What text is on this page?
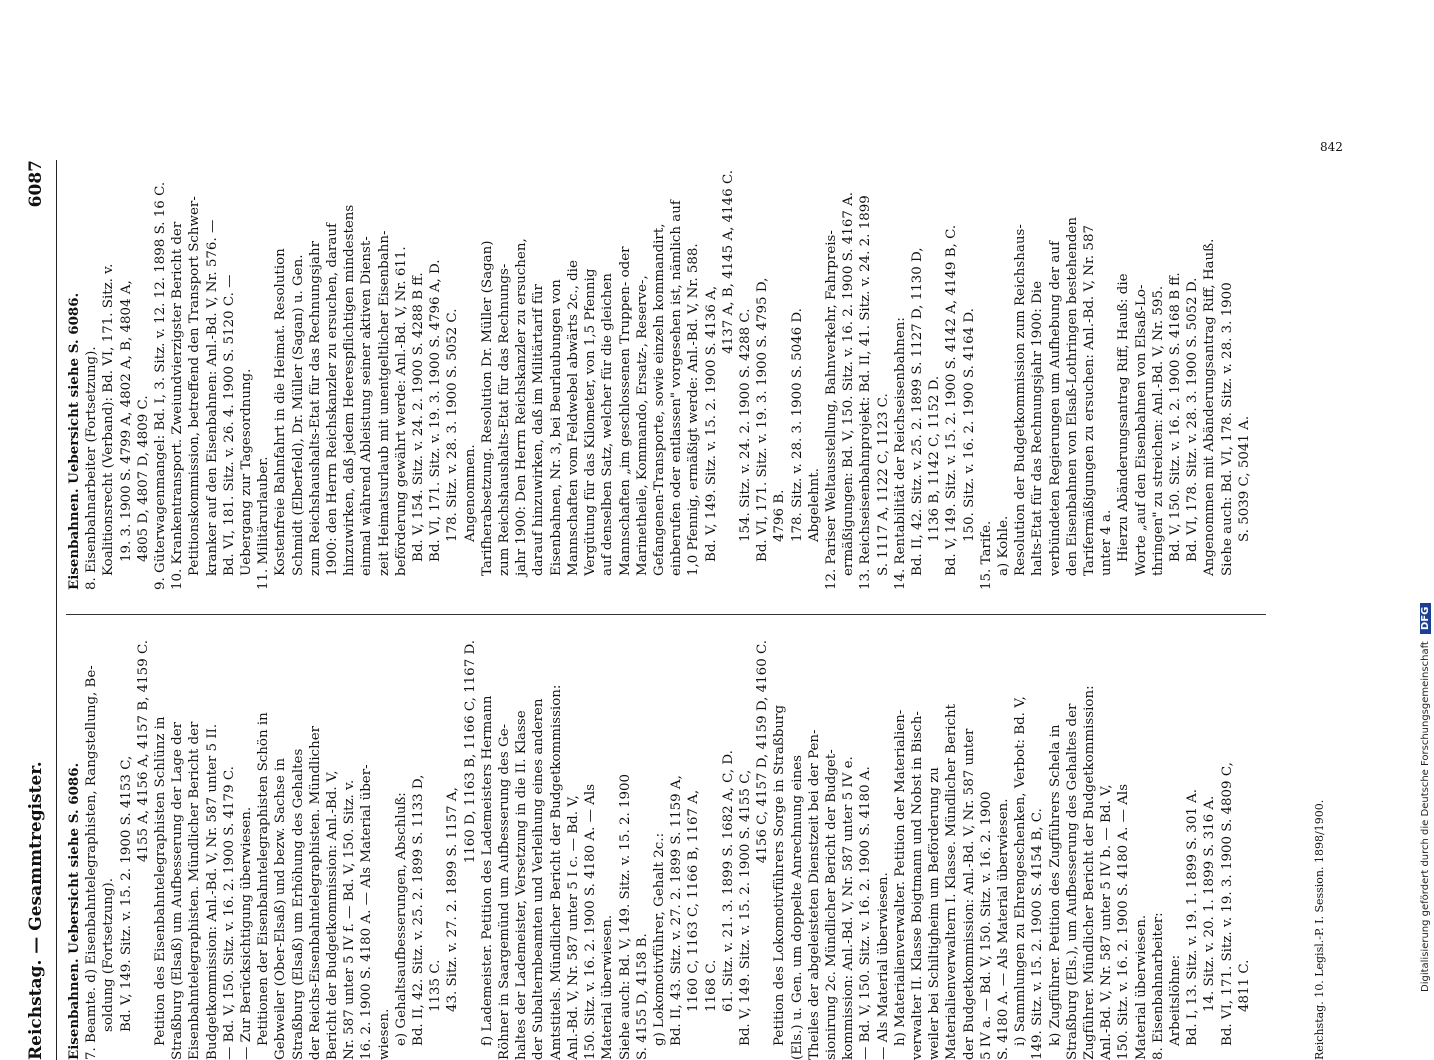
Reichstag. — Gesammtregister.
6087
Eisenbahnen. Uebersicht siehe S. 6086. 7. Beamte. d) Eisenbahntelegraphisten, Rangstellung, Be- soldung (Fortsetzung). Bd. V, 149. Sitz. v. 15. 2. 1900 S. 4153 C,
4155 A, 4156 A, 4157 B, 4159 C. Petition des Eisenbahntelegraphisten Schlünz in Straßburg (Elsaß) um Aufbesserung der Lage der Eisenbahntelegraphisten. Mündlicher Bericht der Budgetkommission: Anl.-Bd. V, Nr. 587 unter 5 II. — Bd. V, 150. Sitz. v. 16. 2. 1900 S. 4179 C. — Zur Berücksichtigung überwiesen. Petitionen der Eisenbahntelegraphisten Schön in Gebweiler (Ober-Elsaß) und bezw. Sachse in Straßburg (Elsaß) um Erhöhung des Gehaltes der Reichs-Eisenbahntelegraphisten. Mündlicher Bericht der Budgetkommission: Anl.-Bd. V, Nr. 587 unter 5 IV f. — Bd. V, 150. Sitz. v. 16. 2. 1900 S. 4180 A. — Als Material über- wiesen. e) Gehaltsaufbesserungen, Abschluß: Bd. II, 42. Sitz. v. 25. 2. 1899 S. 1133 D, 1135 C. 43. Sitz. v. 27. 2. 1899 S. 1157 A,
1160 D, 1163 B, 1166 C, 1167 D. f) Lademeister. Petition des Lademeisters Hermann Röhner in Saargemünd um Aufbesserung des Ge- haltes der Lademeister, Versetzung in die II. Klasse der Subalternbeamten und Verleihung eines anderen Amtstitels. Mündlicher Bericht der Budgetkommission: Anl.-Bd. V, Nr. 587 unter 5 I c. — Bd. V, 150. Sitz. v. 16. 2. 1900 S. 4180 A. — Als Material überwiesen. Siehe auch: Bd. V, 149. Sitz. v. 15. 2. 1900 S. 4155 D, 4158 B. g) Lokomotivführer, Gehalt 2c.: Bd. II, 43. Sitz. v. 27. 2. 1899 S. 1159 A, 1160 C, 1163 C, 1166 B, 1167 A, 1168 C. 61. Sitz. v. 21. 3. 1899 S. 1682 A, C, D. Bd. V, 149. Sitz. v. 15. 2. 1900 S. 4155 C,
4156 C, 4157 D, 4159 D, 4160 C. Petition des Lokomotivführers Sorge in Straßburg (Els.) u. Gen. um doppelte Anrechnung eines Theiles der abgeleisteten Dienstzeit bei der Pen- sionirung 2c. Mündlicher Bericht der Budget- kommission: Anl.-Bd. V, Nr. 587 unter 5 IV e. — Bd. V, 150. Sitz. v. 16. 2. 1900 S. 4180 A. — Als Material überwiesen. h) Materialienverwalter. Petition der Materialien- verwalter II. Klasse Boigtmann und Nobst in Bisch- weiler bei Schiltigheim um Beförderung zu Materialienverwaltern I. Klasse. Mündlicher Bericht der Budgetkommission: Anl.-Bd. V, Nr. 587 unter 5 IV a. — Bd. V, 150. Sitz. v. 16. 2. 1900 S. 4180 A. — Als Material überwiesen. i) Sammlungen zu Ehrengeschenken, Verbot: Bd. V, 149. Sitz. v. 15. 2. 1900 S. 4154 B, C. k) Zugführer. Petition des Zugführers Schela in Straßburg (Els.), um Aufbesserung des Gehaltes der Zugführer. Mündlicher Bericht der Budgetkommission: Anl.-Bd. V, Nr. 587 unter 5 IV b. — Bd. V, 150. Sitz. v. 16. 2. 1900 S. 4180 A. — Als Material überwiesen. 8. Eisenbahnarbeiter: Arbeitslöhne: Bd. I, 13. Sitz. v. 19. 1. 1899 S. 301 A. 14. Sitz. v. 20. 1. 1899 S. 316 A. Bd. VI, 171. Sitz. v. 19. 3. 1900 S. 4809 C, 4811 C.
Eisenbahnen. Uebersicht siehe S. 6086. 8. Eisenbahnarbeiter (Fortsetzung). Koalitionsrecht (Verband): Bd. VI, 171. Sitz. v. 19. 3. 1900 S. 4799 A, 4802 A, B, 4804 A, 4805 D, 4807 D, 4809 C. 9. Güterwagenmangel: Bd. I, 3. Sitz. v. 12. 12. 1898 S. 16 C. 10. Krankentransport. Zweiundvierzigster Bericht der Petitionskommission, betreffend den Transport Schwer- kranker auf den Eisenbahnen: Anl.-Bd. V, Nr. 576. — Bd. VI, 181. Sitz. v. 26. 4. 1900 S. 5120 C. — Uebergang zur Tagesordnung. 11. Militärurlauber. Kostenfreie Bahnfahrt in die Heimat. Resolution Schmidt (Elberfeld), Dr. Müller (Sagan) u. Gen. zum Reichshaushalts-Etat für das Rechnungsjahr 1900: den Herrn Reichskanzler zu ersuchen, darauf hinzuwirken, daß jedem Heerespflichtigen mindestens einmal während Ableistung seiner aktiven Dienst- zeit Heimatsurlaub mit unentgeltlicher Eisenbahn- beförderung gewährt werde: Anl.-Bd. V, Nr. 611. Bd. V, 154. Sitz. v. 24. 2. 1900 S. 4288 B ff. Bd. VI, 171. Sitz. v. 19. 3. 1900 S. 4796 A, D. 178. Sitz. v. 28. 3. 1900 S. 5052 C. Angenommen. Tarifherabsetzung. Resolution Dr. Müller (Sagan) zum Reichshaushalts-Etat für das Rechnungs- jahr 1900: Den Herrn Reichskanzler zu ersuchen, darauf hinzuwirken, daß im Militärtarif für Eisenbahnen, Nr. 3, bei Beurlaubungen von Mannschaften vom Feldwebel abwärts 2c., die Vergütung für das Kilometer, von 1,5 Pfennig auf denselben Satz, welcher für die gleichen Mannschaften „im geschlossenen Truppen- oder Marinetheile, Kommando, Ersatz-, Reserve-, Gefangenen-Transporte, sowie einzeln kommandirt, einberufen oder entlassen" vorgesehen ist, nämlich auf 1,0 Pfennig, ermäßigt werde: Anl.-Bd. V, Nr. 588. Bd. V, 149. Sitz. v. 15. 2. 1900 S. 4136 A,
4137 A, B, 4145 A, 4146 C.
154. Sitz. v. 24. 2. 1900 S. 4288 C. Bd. VI, 171. Sitz. v. 19. 3. 1900 S. 4795 D, 4796 B. 178. Sitz. v. 28. 3. 1900 S. 5046 D. Abgelehnt. 12. Pariser Weltausstellung, Bahnverkehr, Fahrpreis- ermäßigungen: Bd. V, 150. Sitz. v. 16. 2. 1900 S. 4167 A. 13. Reichseisenbahnprojekt: Bd. II, 41. Sitz. v. 24. 2. 1899 S. 1117 A, 1122 C, 1123 C. 14. Rentabilität der Reichseisenbahnen: Bd. II, 42. Sitz. v. 25. 2. 1899 S. 1127 D, 1130 D, 1136 B, 1142 C, 1152 D. Bd. V, 149. Sitz. v. 15. 2. 1900 S. 4142 A, 4149 B, C. 150. Sitz. v. 16. 2. 1900 S. 4164 D.
15. Tarife. a) Kohle. Resolution der Budgetkommission zum Reichshaus- halts-Etat für das Rechnungsjahr 1900: Die verbündeten Regierungen um Aufhebung der auf den Eisenbahnen von Elsaß-Lothringen bestehenden Tarifermäßigungen zu ersuchen: Anl.-Bd. V, Nr. 587 unter 4 a. Hierzu Abänderungsantrag Riff, Hauß: die Worte „auf den Eisenbahnen von Elsaß-Lo- thringen" zu streichen: Anl.-Bd. V, Nr. 595. Bd. V, 150. Sitz. v. 16. 2. 1900 S. 4168 B ff. Bd. VI, 178. Sitz. v. 28. 3. 1900 S. 5052 D. Angenommen mit Abänderungsantrag Riff, Hauß. Siehe auch: Bd. VI, 178. Sitz. v. 28. 3. 1900 S. 5039 C, 5041 A.
Reichstag. 10. Legisl.-P. I. Session. 1898/1900.
842
Digitalisierung gefördert durch die Deutsche Forschungsgemeinschaft DFG
